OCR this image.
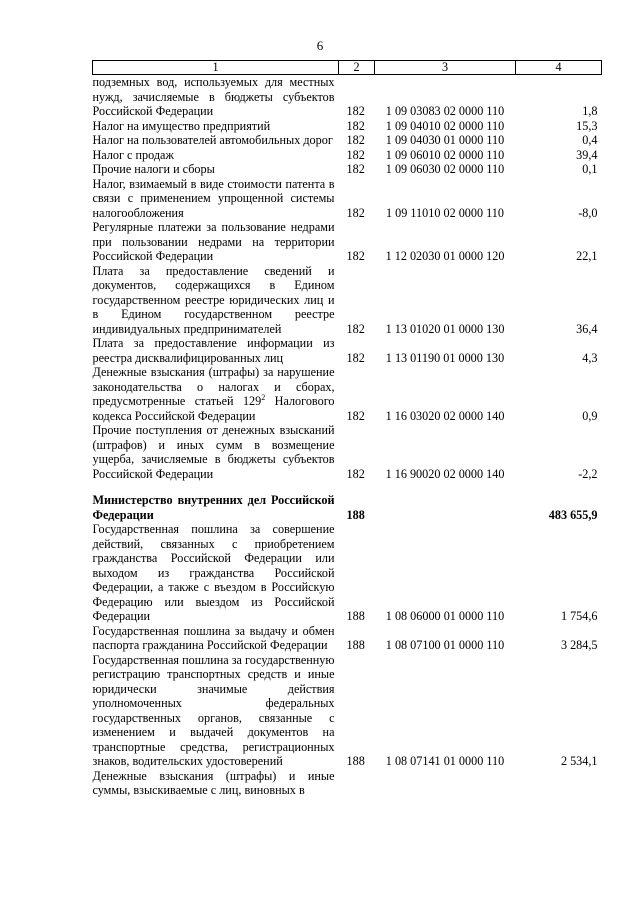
6
1	2	3	4
подземных вод, используемых для местных нужд, зачисляемые в бюджеты субъектов Российской Федерации	182	1 09 03083 02 0000 110	1,8
Налог на имущество предприятий	182	1 09 04010 02 0000 110	15,3
Налог на пользователей автомобильных дорог	182	1 09 04030 01 0000 110	0,4
Налог с продаж	182	1 09 06010 02 0000 110	39,4
Прочие налоги и сборы	182	1 09 06030 02 0000 110	0,1
Налог, взимаемый в виде стоимости патента в связи с применением упрощенной системы налогообложения	182	1 09 11010 02 0000 110	-8,0
Регулярные платежи за пользование недрами при пользовании недрами на территории Российской Федерации	182	1 12 02030 01 0000 120	22,1
Плата за предоставление сведений и документов, содержащихся в Едином государственном реестре юридических лиц и в Едином государственном реестре индивидуальных предпринимателей	182	1 13 01020 01 0000 130	36,4
Плата за предоставление информации из реестра дисквалифицированных лиц	182	1 13 01190 01 0000 130	4,3
Денежные взыскания (штрафы) за нарушение законодательства о налогах и сборах, предусмотренные статьей $129^2$ Налогового кодекса Российской Федерации	182	1 16 03020 02 0000 140	0,9
Прочие поступления от денежных взысканий (штрафов) и иных сумм в возмещение ущерба, зачисляемые в бюджеты субъектов Российской Федерации	182	1 16 90020 02 0000 140	-2,2

Министерство внутренних дел Российской Федерации	188		483 655,9
Государственная пошлина за совершение действий, связанных с приобретением гражданства Российской Федерации или выходом из гражданства Российской Федерации, а также с въездом в Российскую Федерацию или выездом из Российской Федерации	188	1 08 06000 01 0000 110	1 754,6
Государственная пошлина за выдачу и обмен паспорта гражданина Российской Федерации	188	1 08 07100 01 0000 110	3 284,5
Государственная пошлина за государственную регистрацию транспортных средств и иные юридически значимые действия уполномоченных федеральных государственных органов, связанные с изменением и выдачей документов на транспортные средства, регистрационных знаков, водительских удостоверений	188	1 08 07141 01 0000 110	2 534,1
Денежные взыскания (штрафы) и иные суммы, взыскиваемые с лиц, виновных в			
